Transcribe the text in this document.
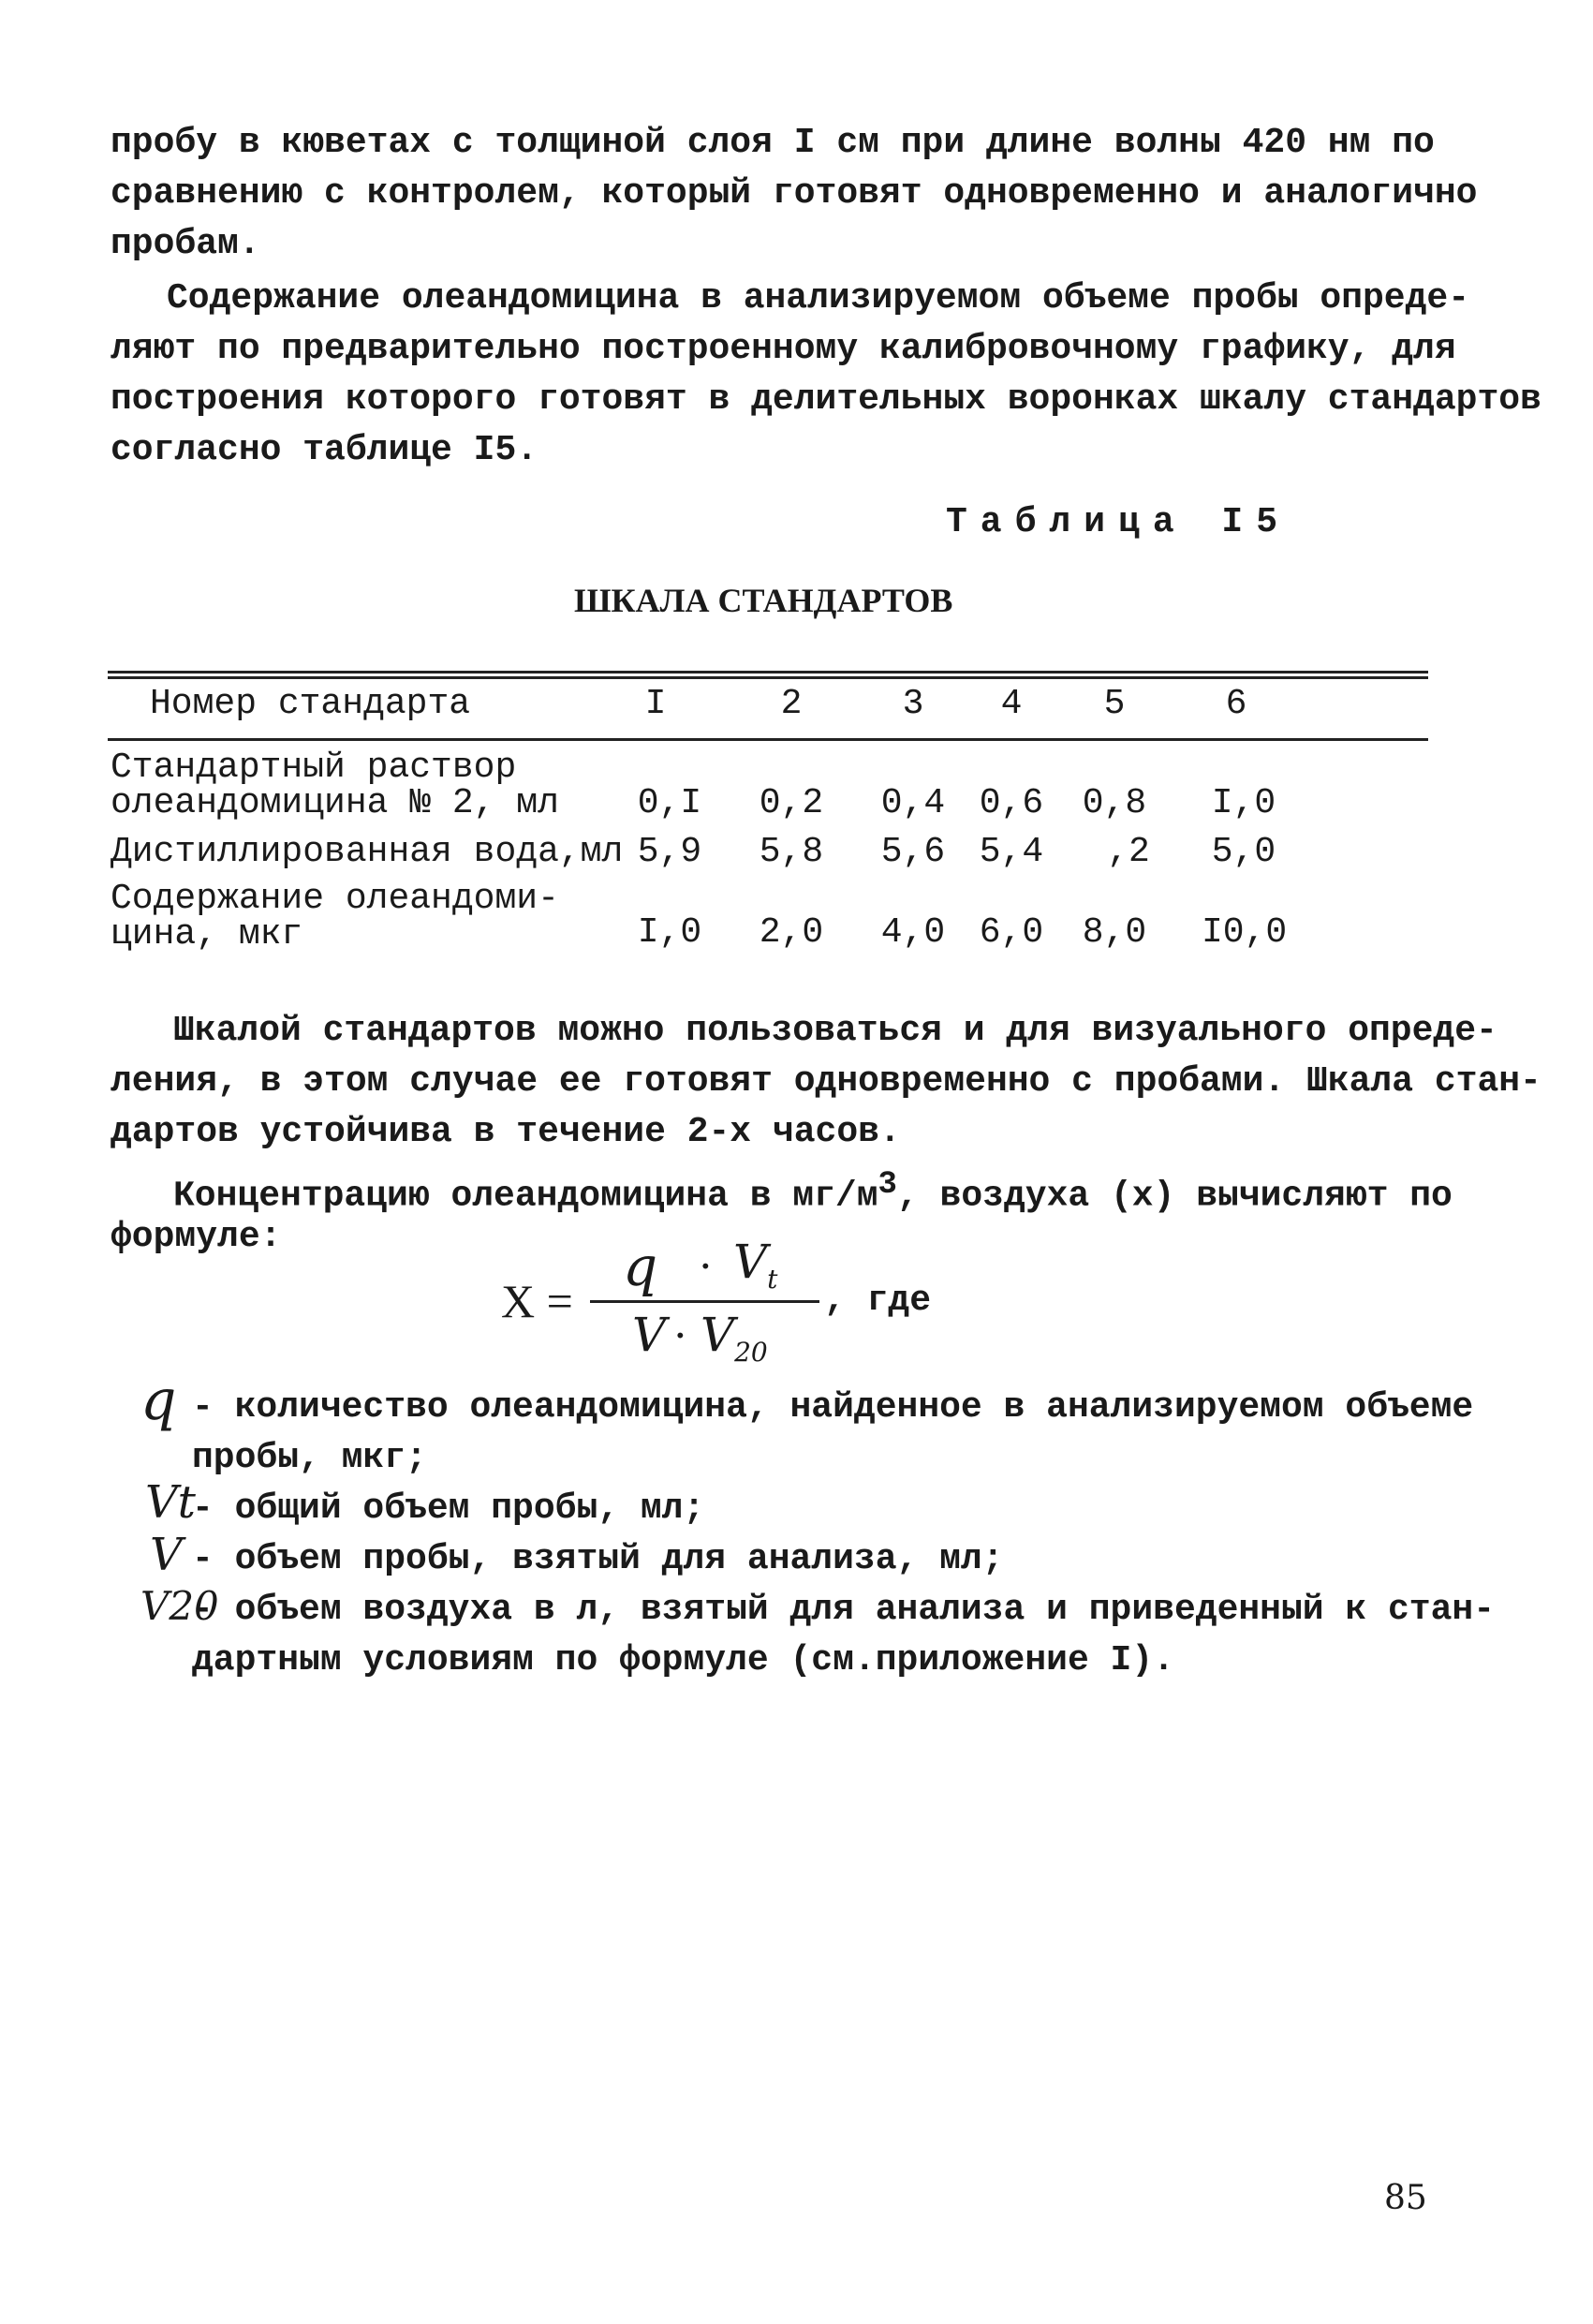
пробу в кюветах с толщиной слоя I см при длине волны 420 нм по
сравнению с контролем, который готовят одновременно и аналогично
пробам.
Содержание олеандомицина в анализируемом объеме пробы опреде-
ляют по предварительно построенному калибровочному графику, для
построения которого готовят в делительных воронках шкалу стандартов
согласно таблице I5.
Таблица I5
ШКАЛА СТАНДАРТОВ
Номер стандарта	I	2	3	4	5	6
Стандартный раствор
олеандомицина № 2, мл 0,I 0,2 0,4 0,6 0,8 I,0
Дистиллированная вода,мл 5,9 5,8 5,6 5,4	,2	5,0
Содержание олеандоми-
цина, мкг	I,0 2,0 4,0 6,0 8,0 I0,0
Шкалой стандартов можно пользоваться и для визуального опреде-
ления, в этом случае ее готовят одновременно с пробами. Шкала стан-
дартов устойчива в течение 2-х часов.
Концентрацию олеандомицина в $мг/м^3$, воздуха (х) вычисляют по
формуле:
Х =
$q \cdot V_t$
$V \cdot V_{20}$
, где
q - количество олеандомицина, найденное в анализируемом объеме
пробы, мкг;
Vt
- общий объем пробы, мл;
V - объем пробы, взятый для анализа, мл;
V20
- объем воздуха в л, взятый для анализа и приведенный к стан-
дартным условиям по формуле (см.приложение I).
85
